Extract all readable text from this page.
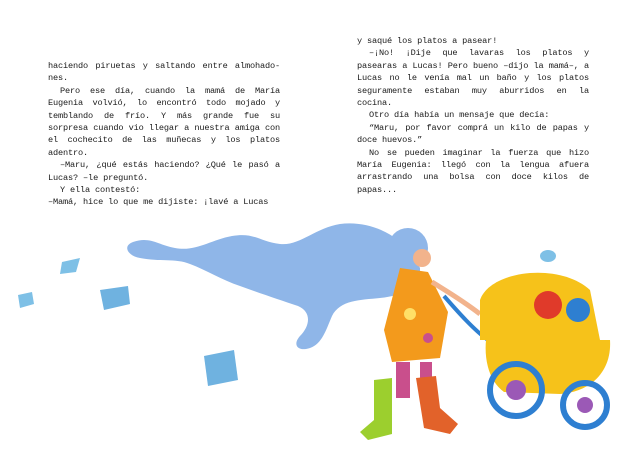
haciendo piruetas y saltando entre almohado-nes.

Pero ese día, cuando la mamá de María Eugenia volvió, lo encontró todo mojado y temblando de frío. Y más grande fue su sorpresa cuando vio llegar a nuestra amiga con el cochecito de las muñecas y los platos adentro.

–Maru, ¿qué estás haciendo? ¿Qué le pasó a Lucas? –le preguntó.

Y ella contestó:

–Mamá, hice lo que me dijiste: ¡lavé a Lucas

y saqué los platos a pasear!

–¡No! ¡Dije que lavaras los platos y pasearas a Lucas! Pero bueno –dijo la mamá–, a Lucas no le venía mal un baño y los platos seguramente estaban muy aburridos en la cocina.

Otro día había un mensaje que decía:

“Maru, por favor comprá un kilo de papas y doce huevos.”

No se pueden imaginar la fuerza que hizo María Eugenia: llegó con la lengua afuera arrastrando una bolsa con doce kilos de papas...
